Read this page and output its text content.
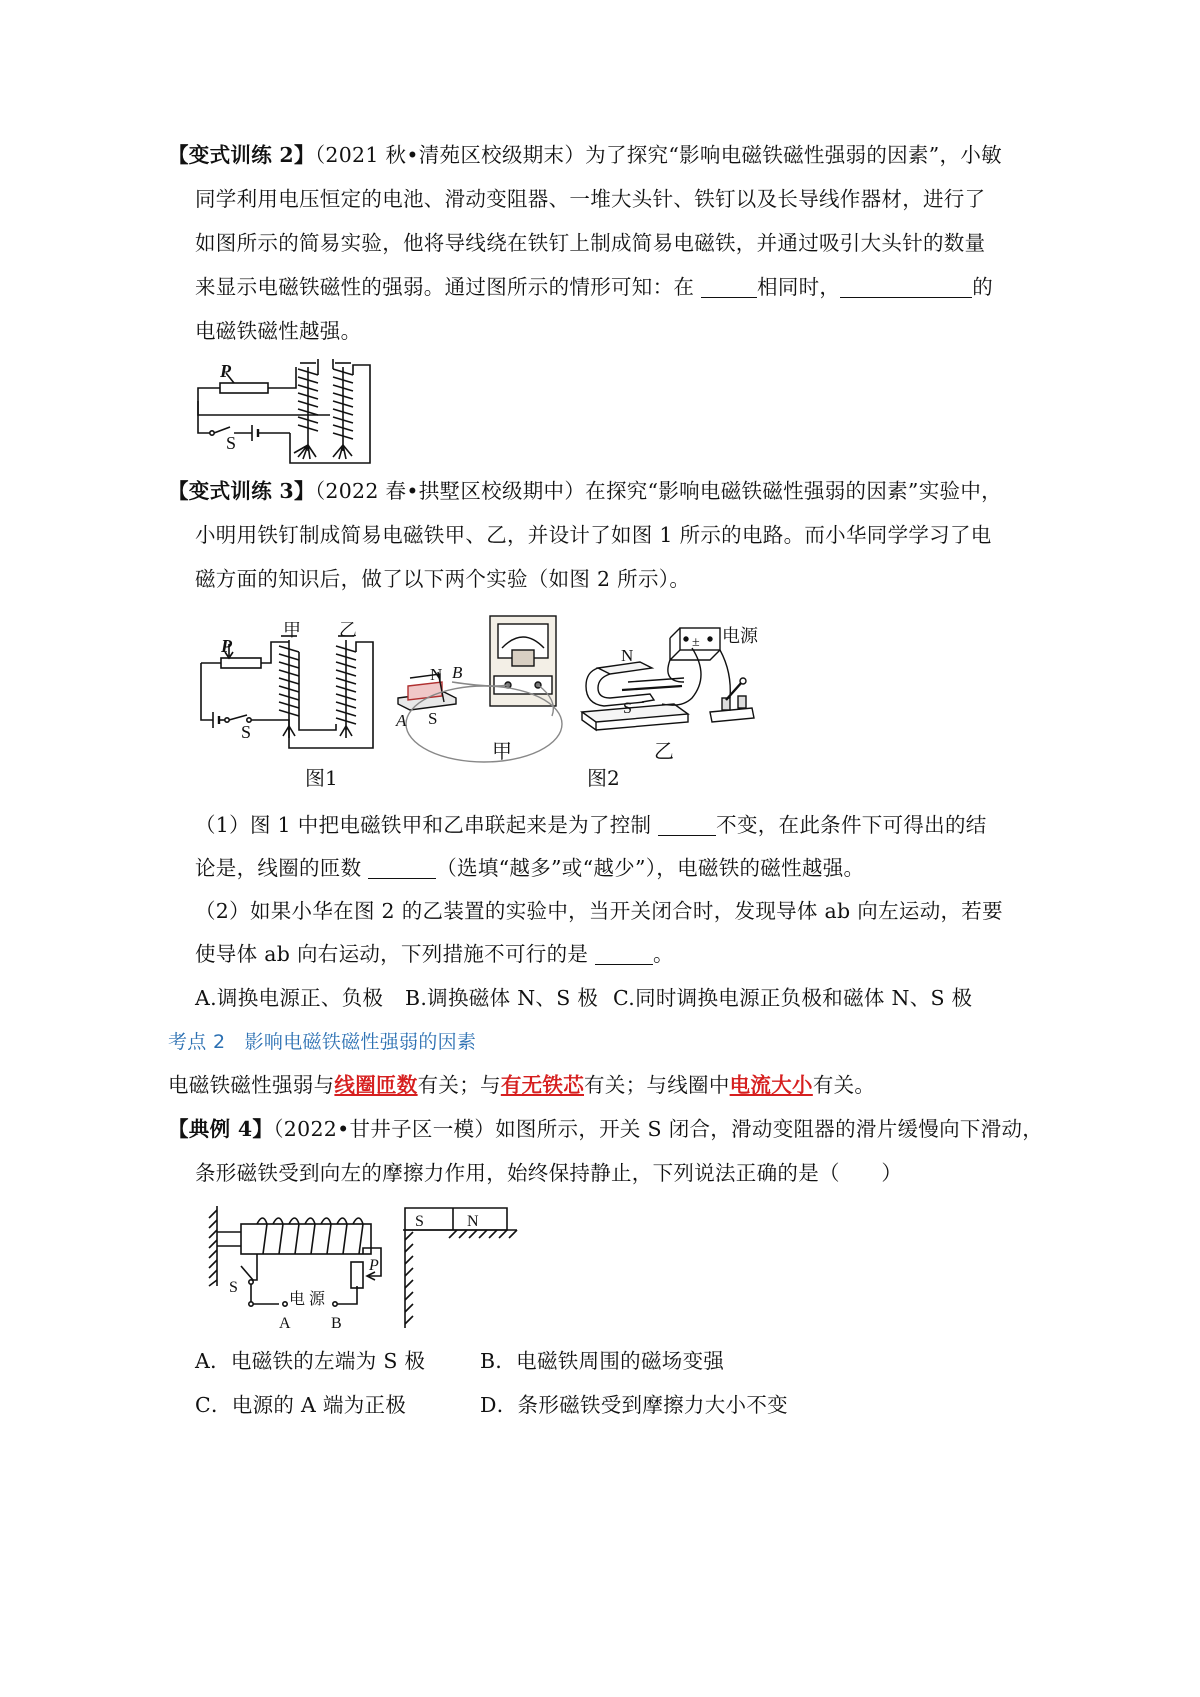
【变式训练 2】（2021 秋•清苑区校级期末）为了探究“影响电磁铁磁性强弱的因素”，小敏
同学利用电压恒定的电池、滑动变阻器、一堆大头针、铁钉以及长导线作器材，进行了
如图所示的简易实验，他将导线绕在铁钉上制成简易电磁铁，并通过吸引大头针的数量
来显示电磁铁磁性的强弱。通过图所示的情形可知：在	相同时，	的
电磁铁磁性越强。
P
S
【变式训练 3】（2022 春•拱墅区校级期中）在探究“影响电磁铁磁性强弱的因素”实验中，
小明用铁钉制成简易电磁铁甲、乙，并设计了如图 1 所示的电路。而小华同学学习了电
磁方面的知识后，做了以下两个实验（如图 2 所示）。
P
甲 乙
S
图1
N B
A S
甲
N
S
± 电源
乙
图2
（1）图 1 中把电磁铁甲和乙串联起来是为了控制	不变，在此条件下可得出的结
论是，线圈的匝数	（选填“越多”或“越少”），电磁铁的磁性越强。
（2）如果小华在图 2 的乙装置的实验中，当开关闭合时，发现导体 ab 向左运动，若要
使导体 ab 向右运动，下列措施不可行的是	。
A.调换电源正、负极 B.调换磁体 N、S 极 C.同时调换电源正负极和磁体 N、S 极
考点 2　影响电磁铁磁性强弱的因素
电磁铁磁性强弱与线圈匝数有关；与有无铁芯有关；与线圈中电流大小有关。
【典例 4】（2022•甘井子区一模）如图所示，开关 S 闭合，滑动变阻器的滑片缓慢向下滑动，
条形磁铁受到向左的摩擦力作用，始终保持静止，下列说法正确的是（　　）
S	N
S
电 源
A	B
P
A．电磁铁的左端为 S 极	B．电磁铁周围的磁场变强
C．电源的 A 端为正极	D．条形磁铁受到摩擦力大小不变
